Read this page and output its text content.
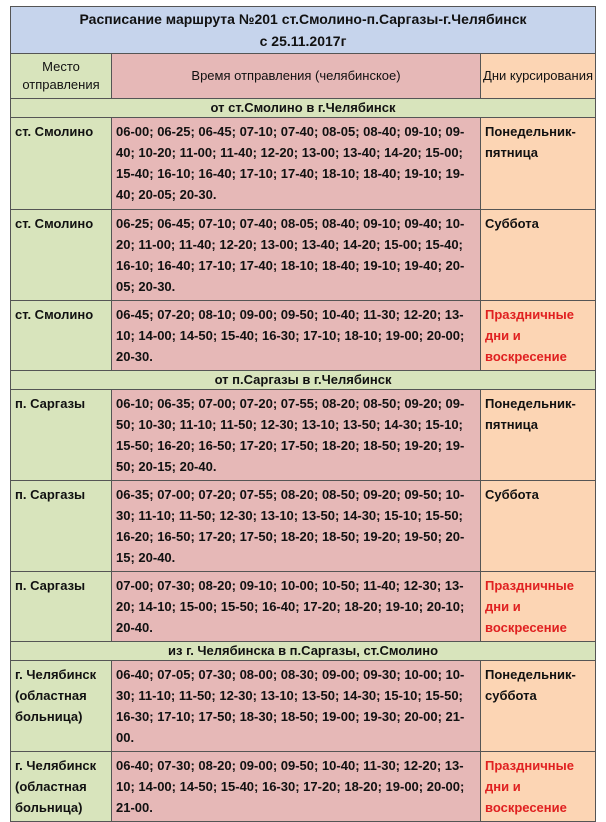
Расписание маршрута №201 ст.Смолино-п.Саргазы-г.Челябинск
с 25.11.2017г		

Место отправления	Время отправления (челябинское)	Дни курсирования
от ст.Смолино в г.Челябинск		
ст. Смолино	06-00; 06-25; 06-45; 07-10; 07-40; 08-05; 08-40; 09-10; 09-40; 10-20; 11-00; 11-40; 12-20; 13-00; 13-40; 14-20; 15-00; 15-40; 16-10; 16-40; 17-10; 17-40; 18-10; 18-40; 19-10; 19-40; 20-05; 20-30.	Понедельник-пятница
ст. Смолино	06-25; 06-45; 07-10; 07-40; 08-05; 08-40; 09-10; 09-40; 10-20; 11-00; 11-40; 12-20; 13-00; 13-40; 14-20; 15-00; 15-40; 16-10; 16-40; 17-10; 17-40; 18-10; 18-40; 19-10; 19-40; 20-05; 20-30.	Суббота
ст. Смолино	06-45; 07-20; 08-10; 09-00; 09-50; 10-40; 11-30; 12-20; 13-10; 14-00; 14-50; 15-40; 16-30; 17-10; 18-10; 19-00; 20-00; 20-30.	Праздничные дни и воскресение
от п.Саргазы в г.Челябинск		
п. Саргазы	06-10; 06-35; 07-00; 07-20; 07-55; 08-20; 08-50; 09-20; 09-50; 10-30; 11-10; 11-50; 12-30; 13-10; 13-50; 14-30; 15-10; 15-50; 16-20; 16-50; 17-20; 17-50; 18-20; 18-50; 19-20; 19-50; 20-15; 20-40.	Понедельник-пятница
п. Саргазы	06-35; 07-00; 07-20; 07-55; 08-20; 08-50; 09-20; 09-50; 10-30; 11-10; 11-50; 12-30; 13-10; 13-50; 14-30; 15-10; 15-50; 16-20; 16-50; 17-20; 17-50; 18-20; 18-50; 19-20; 19-50; 20-15; 20-40.	Суббота
п. Саргазы	07-00; 07-30; 08-20; 09-10; 10-00; 10-50; 11-40; 12-30; 13-20; 14-10; 15-00; 15-50; 16-40; 17-20; 18-20; 19-10; 20-10; 20-40.	Праздничные дни и воскресение
из г. Челябинска в п.Саргазы, ст.Смолино		
г. Челябинск (областная больница)	06-40; 07-05; 07-30; 08-00; 08-30; 09-00; 09-30; 10-00; 10-30; 11-10; 11-50; 12-30; 13-10; 13-50; 14-30; 15-10; 15-50; 16-30; 17-10; 17-50; 18-30; 18-50; 19-00; 19-30; 20-00; 21-00.	Понедельник-суббота
г. Челябинск (областная больница)	06-40; 07-30; 08-20; 09-00; 09-50; 10-40; 11-30; 12-20; 13-10; 14-00; 14-50; 15-40; 16-30; 17-20; 18-20; 19-00; 20-00; 21-00.	Праздничные дни и воскресение
